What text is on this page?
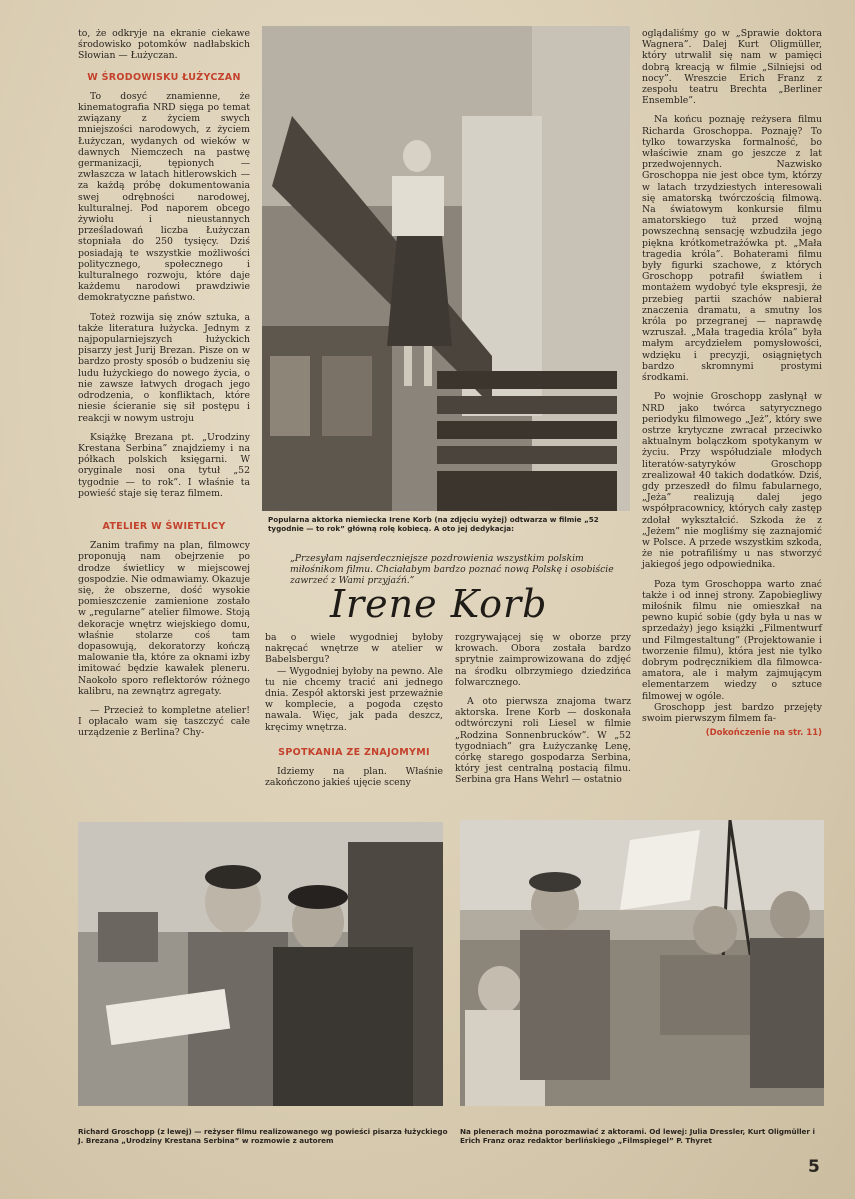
to, że odkryje na ekranie ciekawe środowisko potomków nadłabskich Słowian — Łużyczan.

W ŚRODOWISKU ŁUŻYCZAN

To dosyć znamienne, że kinematografia NRD sięga po temat związany z życiem swych mniejszości narodowych, z życiem Łużyczan, wydanych od wieków w dawnych Niemczech na pastwę germanizacji, tępionych — zwłaszcza w latach hitlerowskich — za każdą próbę dokumentowania swej odrębności narodowej, kulturalnej. Pod naporem obcego żywiołu i nieustannych prześladowań liczba Łużyczan stopniała do 250 tysięcy. Dziś posiadają te wszystkie możliwości politycznego, społecznego i kulturalnego rozwoju, które daje każdemu narodowi prawdziwie demokratyczne państwo.

Toteż rozwija się znów sztuka, a także literatura łużycka. Jednym z najpopularniejszych łużyckich pisarzy jest Jurij Brezan. Pisze on w bardzo prosty sposób o budzeniu się ludu łużyckiego do nowego życia, o nie zawsze łatwych drogach jego odrodzenia, o konfliktach, które niesie ścieranie się sił postępu i reakcji w nowym ustroju

Książkę Brezana pt. „Urodziny Krestana Serbina” znajdziemy i na półkach polskich księgarni. W oryginale nosi ona tytuł „52 tygodnie — to rok”. I właśnie ta powieść staje się teraz filmem.

ATELIER W ŚWIETLICY

Zanim trafimy na plan, filmowcy proponują nam obejrzenie po drodze świetlicy w miejscowej gospodzie. Nie odmawiamy. Okazuje się, że obszerne, dość wysokie pomieszczenie zamienione zostało w „regularne” atelier filmowe. Stoją dekoracje wnętrz wiejskiego domu, właśnie stolarze coś tam dopasowują, dekoratorzy kończą malowanie tła, które za oknami izby imitować będzie kawałek pleneru. Naokoło sporo reflektorów różnego kalibru, na zewnątrz agregaty.

— Przecież to kompletne atelier! I opłacało wam się taszczyć całe urządzenie z Berlina? Chy-

Popularna aktorka niemiecka Irene Korb (na zdjęciu wyżej) odtwarza w filmie „52 tygodnie — to rok” główną rolę kobiecą. A oto jej dedykacja:
„Przesyłam najserdeczniejsze pozdrowienia wszystkim polskim miłośnikom filmu. Chciałabym bardzo poznać nową Polskę i osobiście zawrzeć z Wami przyjaźń.”
Irene Korb

ba o wiele wygodniej byłoby nakręcać wnętrze w atelier w Babelsbergu?

— Wygodniej byłoby na pewno. Ale tu nie chcemy tracić ani jednego dnia. Zespół aktorski jest przeważnie w komplecie, a pogoda często nawala. Więc, jak pada deszcz, kręcimy wnętrza.

SPOTKANIA ZE ZNAJOMYMI

Idziemy na plan. Właśnie zakończono jakieś ujęcie sceny

rozgrywającej się w oborze przy krowach. Obora została bardzo sprytnie zaimprowizowana do zdjęć na środku olbrzymiego dziedzińca folwarcznego.

A oto pierwsza znajoma twarz aktorska. Irene Korb — doskonała odtwórczyni roli Liesel w filmie „Rodzina Sonnenbrucków”. W „52 tygodniach” gra Łużyczankę Lenę, córkę starego gospodarza Serbina, który jest centralną postacią filmu. Serbina gra Hans Wehrl — ostatnio

oglądaliśmy go w „Sprawie doktora Wagnera”. Dalej Kurt Oligmüller, który utrwalił się nam w pamięci dobrą kreacją w filmie „Silniejsi od nocy”. Wreszcie Erich Franz z zespołu teatru Brechta „Berliner Ensemble”.

Na końcu poznaję reżysera filmu Richarda Groschoppa. Poznaję? To tylko towarzyska formalność, bo właściwie znam go jeszcze z lat przedwojennych. Nazwisko Groschoppa nie jest obce tym, którzy w latach trzydziestych interesowali się amatorską twórczością filmową. Na światowym konkursie filmu amatorskiego tuż przed wojną powszechną sensację wzbudziła jego piękna krótkometrażówka pt. „Mała tragedia króla”. Bohaterami filmu były figurki szachowe, z których Groschopp potrafił światłem i montażem wydobyć tyle ekspresji, że przebieg partii szachów nabierał znaczenia dramatu, a smutny los króla po przegranej — naprawdę wzruszał. „Mała tragedia króla” była małym arcydziełem pomysłowości, wdzięku i precyzji, osiągniętych bardzo skromnymi prostymi środkami.

Po wojnie Groschopp zasłynął w NRD jako twórca satyrycznego periodyku filmowego „Jeż”, który swe ostrze krytyczne zwracał przeciwko aktualnym bolączkom spotykanym w życiu. Przy współudziale młodych literatów-satyryków Groschopp zrealizował 40 takich dodatków. Dziś, gdy przeszedł do filmu fabularnego, „Jeża” realizują dalej jego współpracownicy, których cały zastęp zdołał wykształcić. Szkoda że z „Jeżem” nie mogliśmy się zaznajomić w Polsce. A przede wszystkim szkoda, że nie potrafiliśmy u nas stworzyć jakiegoś jego odpowiednika.

Poza tym Groschoppa warto znać także i od innej strony. Zapobiegliwy miłośnik filmu nie omieszkał na pewno kupić sobie (gdy była u nas w sprzedaży) jego książki „Filmentwurf und Filmgestaltung” (Projektowanie i tworzenie filmu), która jest nie tylko dobrym podręcznikiem dla filmowca-amatora, ale i małym zajmującym elementarzem wiedzy o sztuce filmowej w ogóle.

Groschopp jest bardzo przejęty swoim pierwszym filmem fa-

(Dokończenie na str. 11)
Richard Groschopp (z lewej) — reżyser filmu realizowanego wg powieści pisarza łużyckiego J. Brezana „Urodziny Krestana Serbina” w rozmowie z autorem
Na plenerach można porozmawiać z aktorami. Od lewej: Julia Dressler, Kurt Oligmüller i Erich Franz oraz redaktor berlińskiego „Filmspiegel” P. Thyret
5
